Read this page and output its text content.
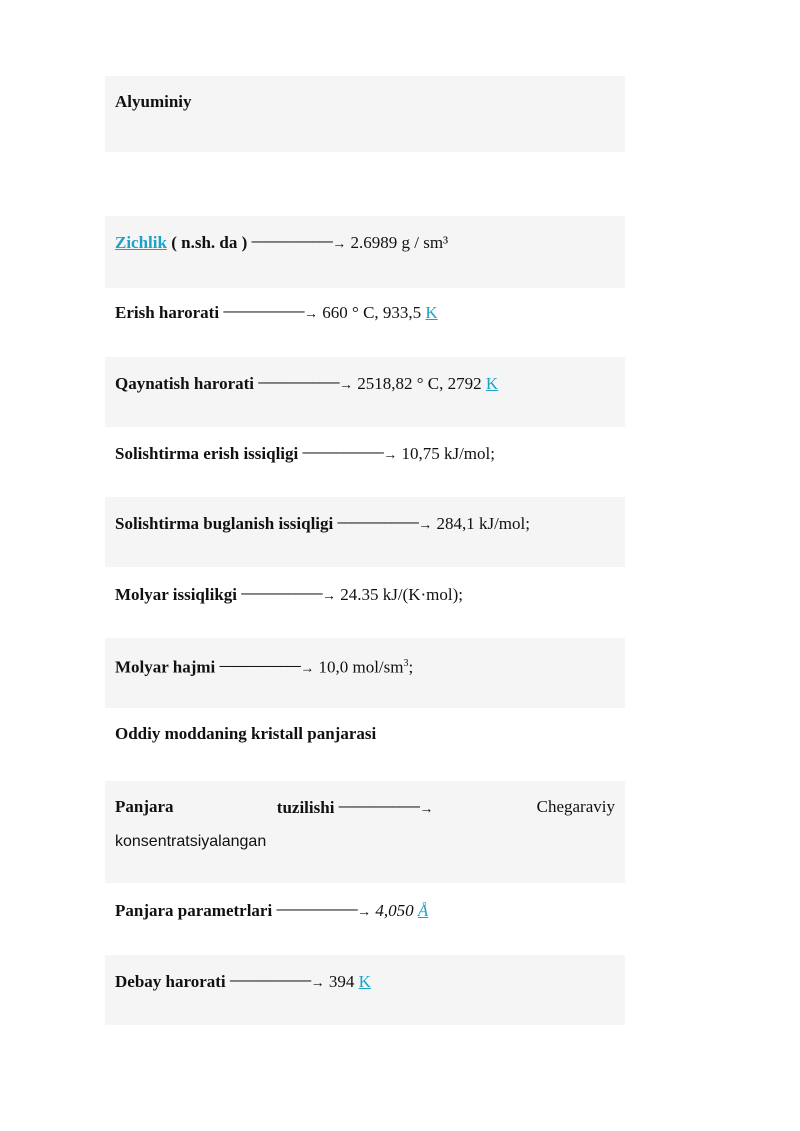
Alyuminiy
Zichlik ( n.sh. da ) ────────────→ 2.6989 g / sm³
Erish harorati ────────────→ 660 ° C, 933,5 K
Qaynatish harorati ────────────→ 2518,82 ° C, 2792 K
Solishtirma erish issiqligi ────────────→ 10,75 kJ/mol;
Solishtirma buglanish issiqligi ────────────→ 284,1 kJ/mol;
Molyar issiqlikgi ────────────→ 24.35 kJ/(K·mol);
Molyar hajmi ────────────→ 10,0 mol/$sm^3$;
Oddiy moddaning kristall panjarasi
Panjara	tuzilishi ────────────→	Chegaraviy
konsentratsiyalangan
Panjara parametrlari ────────────→ 4,050 Å
Debay harorati ────────────→ 394 K
